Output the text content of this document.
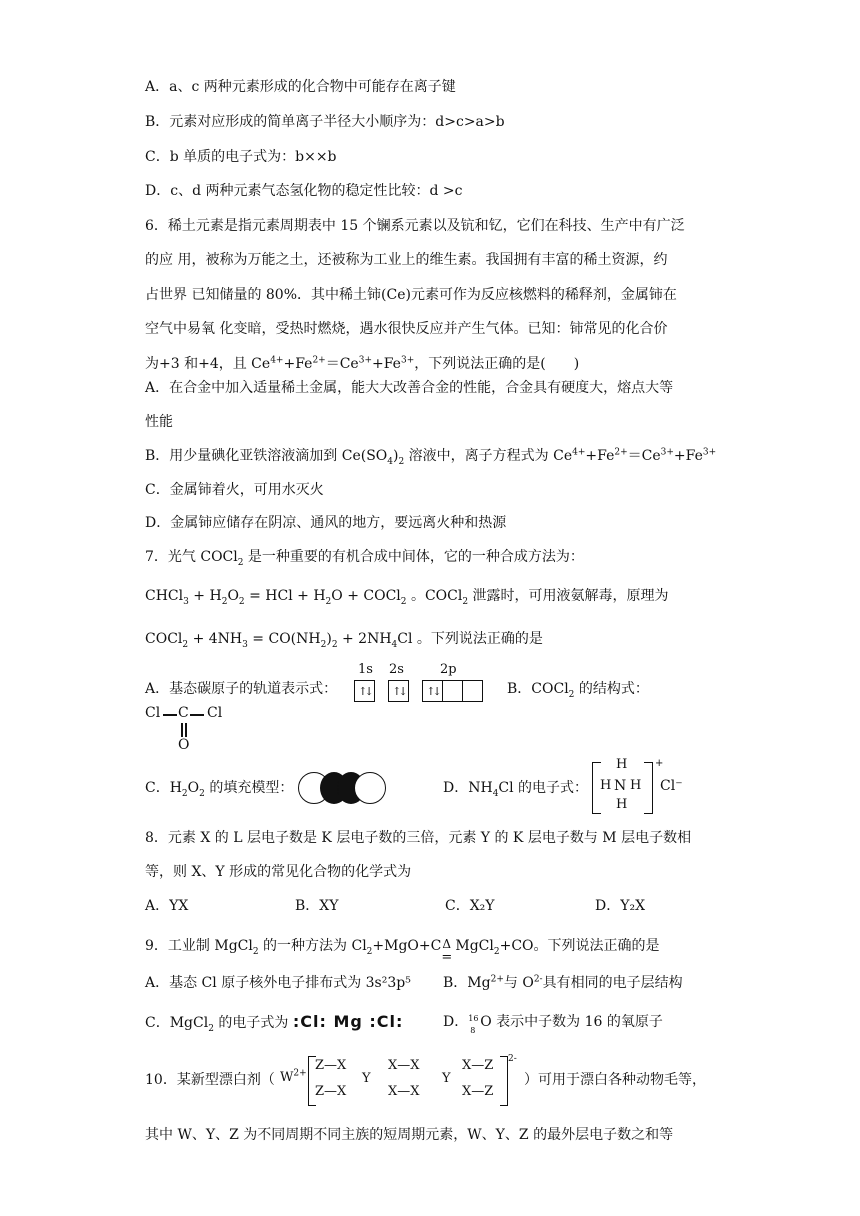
A．a、c 两种元素形成的化合物中可能存在离子键
B．元素对应形成的简单离子半径大小顺序为：d>c>a>b
C．b 单质的电子式为：b××b
D．c、d 两种元素气态氢化物的稳定性比较：d >c
6．稀土元素是指元素周期表中 15 个镧系元素以及钪和钇，它们在科技、生产中有广泛
的应 用，被称为万能之土，还被称为工业上的维生素。我国拥有丰富的稀土资源，约
占世界 已知储量的 80%．其中稀土铈(Ce)元素可作为反应核燃料的稀释剂，金属铈在
空气中易氧 化变暗，受热时燃烧，遇水很快反应并产生气体。已知：铈常见的化合价
为+3 和+4，且 $Ce^{4+}+Fe^{2+}=Ce^{3+}+Fe^{3+}$，下列说法正确的是(　　)
A．在合金中加入适量稀土金属，能大大改善合金的性能，合金具有硬度大，熔点大等
性能
B．用少量碘化亚铁溶液滴加到 $Ce(SO_4)_2$ 溶液中，离子方程式为 $Ce^{4+}+Fe^{2+}=Ce^{3+}+Fe^{3+}$
C．金属铈着火，可用水灭火
D．金属铈应储存在阴凉、通风的地方，要远离火种和热源
7．光气 COCl$_2$ 是一种重要的有机合成中间体，它的一种合成方法为：
CHCl$_3$ + $H_2O_2$ = HCl + $H_2O$ + COCl$_2$ 。COCl$_2$ 泄露时，可用液氨解毒，原理为
COCl$_2$ + $4NH_3 = CO(NH_2)_2 + 2NH_4Cl$ 。下列说法正确的是
A．基态碳原子的轨道表示式：
1s 2s	2p
↑↓	↑↓	↑↓	B．COCl$_2$ 的结构式：
Cl C Cl
O
C．$H_2O_2$ 的填充模型：	D．$NH_4Cl$ 的电子式：
H
H N H
H
+
Cl⁻
8．元素 X 的 L 层电子数是 K 层电子数的三倍，元素 Y 的 K 层电子数与 M 层电子数相
等，则 X、Y 形成的常见化合物的化学式为
A．YX	B．XY	C．X₂Y	D．Y₂X
9．工业制 MgCl$_2$ 的一种方法为 $Cl_2+MgO+C$ Δ
=
MgCl$_2$+CO。下列说法正确的是
A．基态 Cl 原子核外电子排布式为 3s²3p⁵ B．$Mg^{2+}$与 $O^{2-}$具有相同的电子层结构
C．MgCl$_2$ 的电子式为 :Cl: Mg :Cl:	D． 16
8
O 表示中子数为 16 的氧原子
10．某新型漂白剂（ $W^{2+}$
Z—X
Z—X
Y
X—X
X—X
Y
X—Z
X—Z
2-
）可用于漂白各种动物毛等，
其中 W、Y、Z 为不同周期不同主族的短周期元素，W、Y、Z 的最外层电子数之和等
